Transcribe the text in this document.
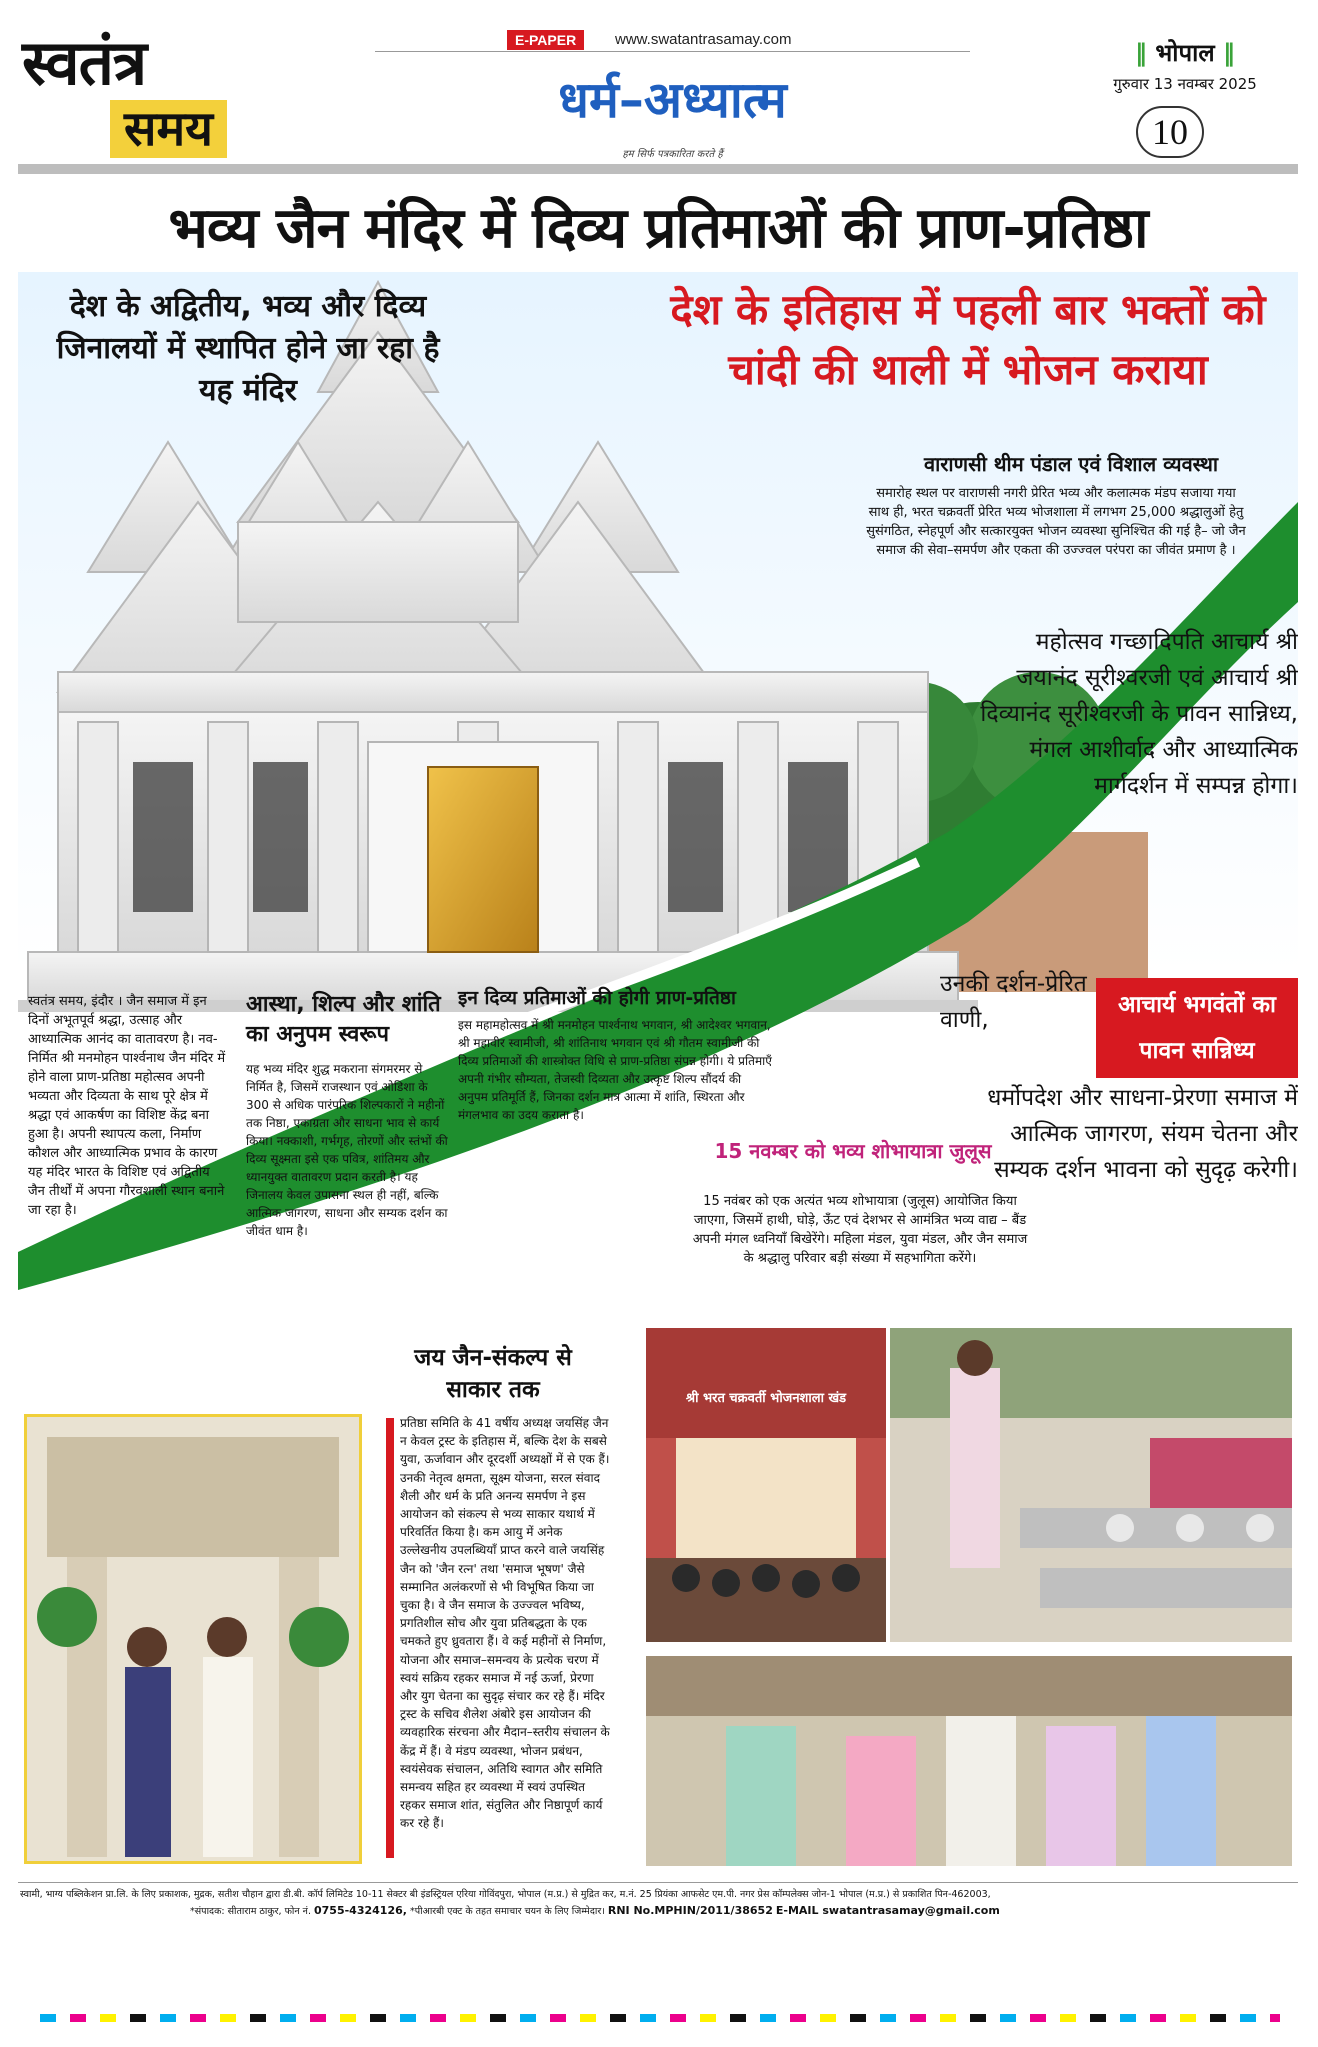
स्वतंत्र
समय
E-PAPER	www.swatantrasamay.com
धर्म–अध्यात्म
हम सिर्फ पत्रकारिता करते हैं
‖ भोपाल ‖
गुरुवार 13 नवम्बर 2025
10
भव्य जैन मंदिर में दिव्य प्रतिमाओं की प्राण-प्रतिष्ठा
देश के अद्वितीय, भव्य और दिव्य जिनालयों में स्थापित होने जा रहा है यह मंदिर
देश के इतिहास में पहली बार भक्तों को चांदी की थाली में भोजन कराया
वाराणसी थीम पंडाल एवं विशाल व्यवस्था
समारोह स्थल पर वाराणसी नगरी प्रेरित भव्य और कलात्मक मंडप सजाया गया साथ ही, भरत चक्रवर्ती प्रेरित भव्य भोजशाला में लगभग 25,000 श्रद्धालुओं हेतु सुसंगठित, स्नेहपूर्ण और सत्कारयुक्त भोजन व्यवस्था सुनिश्चित की गई है– जो जैन समाज की सेवा–समर्पण और एकता की उज्ज्वल परंपरा का जीवंत प्रमाण है ।
महोत्सव गच्छादिपति आचार्य श्री जयानंद सूरीश्वरजी एवं आचार्य श्री दिव्यानंद सूरीश्वरजी के पावन सान्निध्य, मंगल आशीर्वाद और आध्यात्मिक मार्गदर्शन में सम्पन्न होगा।
उनकी दर्शन-प्रेरित वाणी,
आचार्य भगवंतों का पावन सान्निध्य
धर्मोपदेश और साधना-प्रेरणा समाज में आत्मिक जागरण, संयम चेतना और सम्यक दर्शन भावना को सुदृढ़ करेगी।
स्वतंत्र समय, इंदौर । जैन समाज में इन दिनों अभूतपूर्व श्रद्धा, उत्साह और आध्यात्मिक आनंद का वातावरण है। नव-निर्मित श्री मनमोहन पार्श्वनाथ जैन मंदिर में होने वाला प्राण-प्रतिष्ठा महोत्सव अपनी भव्यता और दिव्यता के साथ पूरे क्षेत्र में श्रद्धा एवं आकर्षण का विशिष्ट केंद्र बना हुआ है। अपनी स्थापत्य कला, निर्माण कौशल और आध्यात्मिक प्रभाव के कारण यह मंदिर भारत के विशिष्ट एवं अद्वितीय जैन तीर्थों में अपना गौरवशाली स्थान बनाने जा रहा है।
आस्था, शिल्प और शांति का अनुपम स्वरूप
यह भव्य मंदिर शुद्ध मकराना संगमरमर से निर्मित है, जिसमें राजस्थान एवं ओडिशा के 300 से अधिक पारंपरिक शिल्पकारों ने महीनों तक निष्ठा, एकाग्रता और साधना भाव से कार्य किया। नक्काशी, गर्भगृह, तोरणों और स्तंभों की दिव्य सूक्ष्मता इसे एक पवित्र, शांतिमय और ध्यानयुक्त वातावरण प्रदान करती है। यह जिनालय केवल उपासना स्थल ही नहीं, बल्कि आत्मिक जागरण, साधना और सम्यक दर्शन का जीवंत धाम है।
इन दिव्य प्रतिमाओं की होगी प्राण-प्रतिष्ठा
इस महामहोत्सव में श्री मनमोहन पार्श्वनाथ भगवान, श्री आदेश्वर भगवान, श्री महावीर स्वामीजी, श्री शांतिनाथ भगवान एवं श्री गौतम स्वामीजी की दिव्य प्रतिमाओं की शास्त्रोक्त विधि से प्राण-प्रतिष्ठा संपन्न होगी। ये प्रतिमाएँ अपनी गंभीर सौम्यता, तेजस्वी दिव्यता और उत्कृष्ट शिल्प सौंदर्य की अनुपम प्रतिमूर्ति हैं, जिनका दर्शन मात्र आत्मा में शांति, स्थिरता और मंगलभाव का उदय कराता है।
15 नवम्बर को भव्य शोभायात्रा जुलूस
15 नवंबर को एक अत्यंत भव्य शोभायात्रा (जुलूस) आयोजित किया जाएगा, जिसमें हाथी, घोड़े, ऊँट एवं देशभर से आमंत्रित भव्य वाद्य – बैंड अपनी मंगल ध्वनियाँ बिखेरेंगे। महिला मंडल, युवा मंडल, और जैन समाज के श्रद्धालु परिवार बड़ी संख्या में सहभागिता करेंगे।
जय जैन-संकल्प से साकार तक
प्रतिष्ठा समिति के 41 वर्षीय अध्यक्ष जयसिंह जैन न केवल ट्रस्ट के इतिहास में, बल्कि देश के सबसे युवा, ऊर्जावान और दूरदर्शी अध्यक्षों में से एक हैं। उनकी नेतृत्व क्षमता, सूक्ष्म योजना, सरल संवाद शैली और धर्म के प्रति अनन्य समर्पण ने इस आयोजन को संकल्प से भव्य साकार यथार्थ में परिवर्तित किया है। कम आयु में अनेक उल्लेखनीय उपलब्धियाँ प्राप्त करने वाले जयसिंह जैन को 'जैन रत्न' तथा 'समाज भूषण' जैसे सम्मानित अलंकरणों से भी विभूषित किया जा चुका है। वे जैन समाज के उज्ज्वल भविष्य, प्रगतिशील सोच और युवा प्रतिबद्धता के एक चमकते हुए ध्रुवतारा हैं। वे कई महीनों से निर्माण, योजना और समाज–समन्वय के प्रत्येक चरण में स्वयं सक्रिय रहकर समाज में नई ऊर्जा, प्रेरणा और युग चेतना का सुदृढ़ संचार कर रहे हैं। मंदिर ट्रस्ट के सचिव शैलेश अंबोरे इस आयोजन की व्यवहारिक संरचना और मैदान–स्तरीय संचालन के केंद्र में हैं। वे मंडप व्यवस्था, भोजन प्रबंधन, स्वयंसेवक संचालन, अतिथि स्वागत और समिति समन्वय सहित हर व्यवस्था में स्वयं उपस्थित रहकर समाज शांत, संतुलित और निष्ठापूर्ण कार्य कर रहे हैं।
श्री भरत चक्रवर्ती भोजनशाला खंड
स्वामी, भाग्य पब्लिकेशन प्रा.लि. के लिए प्रकाशक, मुद्रक, सतीश चौहान द्वारा डी.बी. कॉर्प लिमिटेड 10-11 सेक्टर बी इंडस्ट्रियल एरिया गोविंदपुरा, भोपाल (म.प्र.) से मुद्रित कर, म.नं. 25 प्रियंका आफसेट एम.पी. नगर प्रेस कॉम्पलेक्स जोन-1 भोपाल (म.प्र.) से प्रकाशित पिन-462003,
*संपादक: सीताराम ठाकुर, फोन नं. 0755-4324126, *पीआरबी एक्ट के तहत समाचार चयन के लिए जिम्मेदार। RNI No.MPHIN/2011/38652 E-MAIL swatantrasamay@gmail.com
